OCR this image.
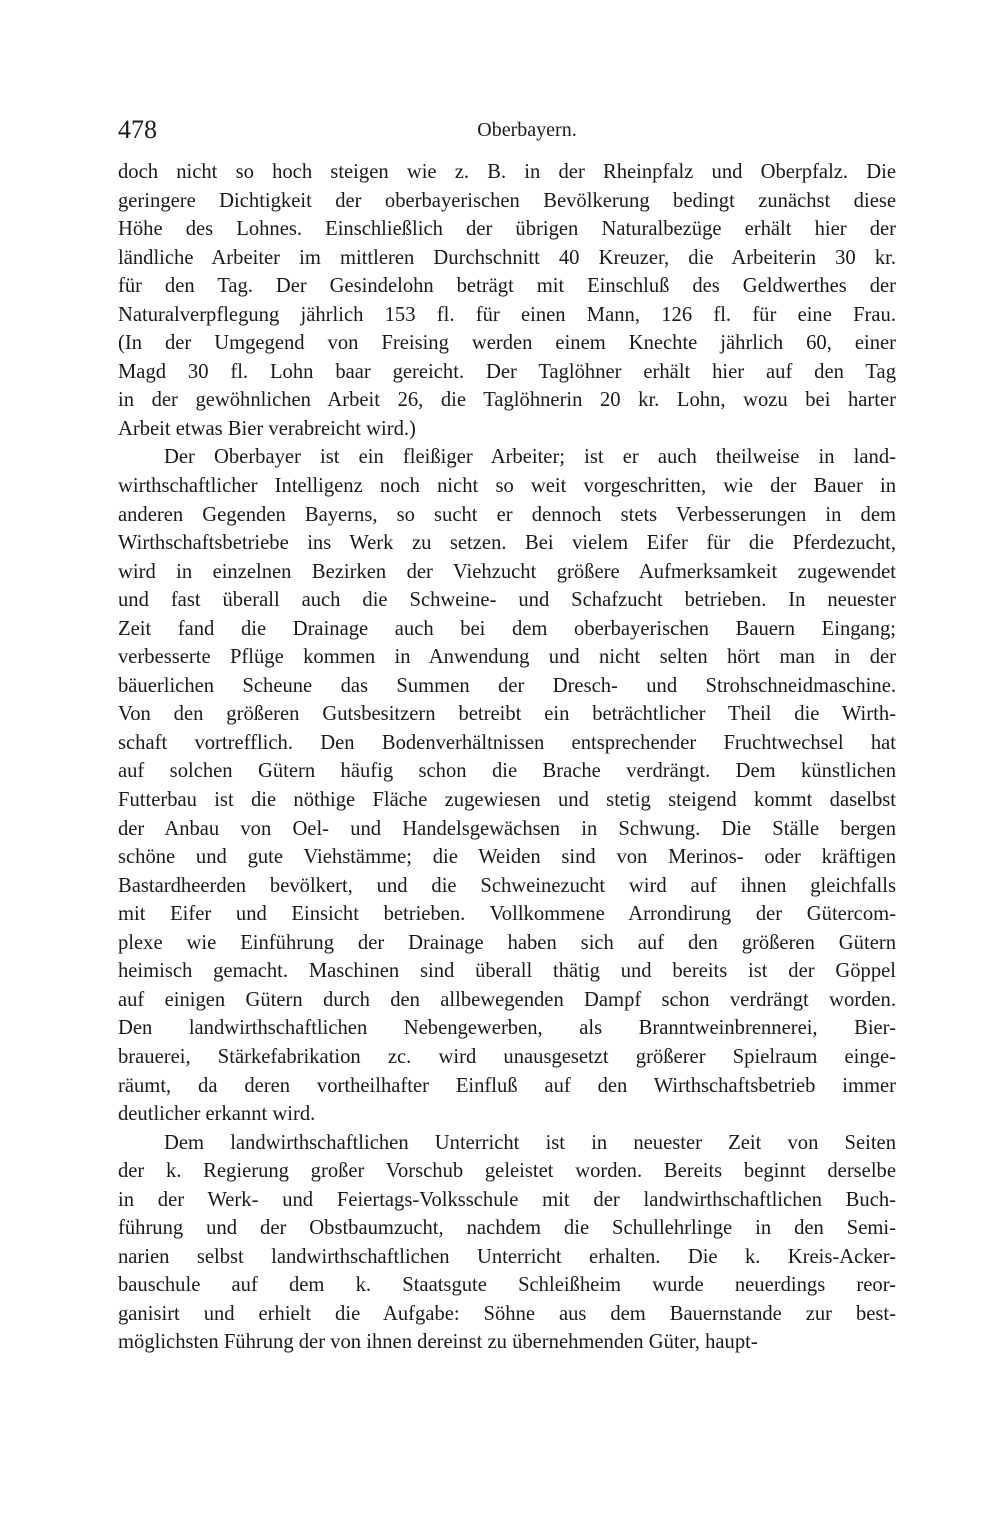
478	Oberbayern.
doch nicht so hoch steigen wie z. B. in der Rheinpfalz und Oberpfalz. Die
geringere Dichtigkeit der oberbayerischen Bevölkerung bedingt zunächst diese
Höhe des Lohnes. Einschließlich der übrigen Naturalbezüge erhält hier der
ländliche Arbeiter im mittleren Durchschnitt 40 Kreuzer, die Arbeiterin 30 kr.
für den Tag. Der Gesindelohn beträgt mit Einschluß des Geldwerthes der
Naturalverpflegung jährlich 153 fl. für einen Mann, 126 fl. für eine Frau.
(In der Umgegend von Freising werden einem Knechte jährlich 60, einer
Magd 30 fl. Lohn baar gereicht. Der Taglöhner erhält hier auf den Tag
in der gewöhnlichen Arbeit 26, die Taglöhnerin 20 kr. Lohn, wozu bei harter
Arbeit etwas Bier verabreicht wird.)
Der Oberbayer ist ein fleißiger Arbeiter; ist er auch theilweise in land-
wirthschaftlicher Intelligenz noch nicht so weit vorgeschritten, wie der Bauer in
anderen Gegenden Bayerns, so sucht er dennoch stets Verbesserungen in dem
Wirthschaftsbetriebe ins Werk zu setzen. Bei vielem Eifer für die Pferdezucht,
wird in einzelnen Bezirken der Viehzucht größere Aufmerksamkeit zugewendet
und fast überall auch die Schweine- und Schafzucht betrieben. In neuester
Zeit fand die Drainage auch bei dem oberbayerischen Bauern Eingang;
verbesserte Pflüge kommen in Anwendung und nicht selten hört man in der
bäuerlichen Scheune das Summen der Dresch- und Strohschneidmaschine.
Von den größeren Gutsbesitzern betreibt ein beträchtlicher Theil die Wirth-
schaft vortrefflich. Den Bodenverhältnissen entsprechender Fruchtwechsel hat
auf solchen Gütern häufig schon die Brache verdrängt. Dem künstlichen
Futterbau ist die nöthige Fläche zugewiesen und stetig steigend kommt daselbst
der Anbau von Oel- und Handelsgewächsen in Schwung. Die Ställe bergen
schöne und gute Viehstämme; die Weiden sind von Merinos- oder kräftigen
Bastardheerden bevölkert, und die Schweinezucht wird auf ihnen gleichfalls
mit Eifer und Einsicht betrieben. Vollkommene Arrondirung der Gütercom-
plexe wie Einführung der Drainage haben sich auf den größeren Gütern
heimisch gemacht. Maschinen sind überall thätig und bereits ist der Göppel
auf einigen Gütern durch den allbewegenden Dampf schon verdrängt worden.
Den landwirthschaftlichen Nebengewerben, als Branntweinbrennerei, Bier-
brauerei, Stärkefabrikation zc. wird unausgesetzt größerer Spielraum einge-
räumt, da deren vortheilhafter Einfluß auf den Wirthschaftsbetrieb immer
deutlicher erkannt wird.
Dem landwirthschaftlichen Unterricht ist in neuester Zeit von Seiten
der k. Regierung großer Vorschub geleistet worden. Bereits beginnt derselbe
in der Werk- und Feiertags-Volksschule mit der landwirthschaftlichen Buch-
führung und der Obstbaumzucht, nachdem die Schullehrlinge in den Semi-
narien selbst landwirthschaftlichen Unterricht erhalten. Die k. Kreis-Acker-
bauschule auf dem k. Staatsgute Schleißheim wurde neuerdings reor-
ganisirt und erhielt die Aufgabe: Söhne aus dem Bauernstande zur best-
möglichsten Führung der von ihnen dereinst zu übernehmenden Güter, haupt-
